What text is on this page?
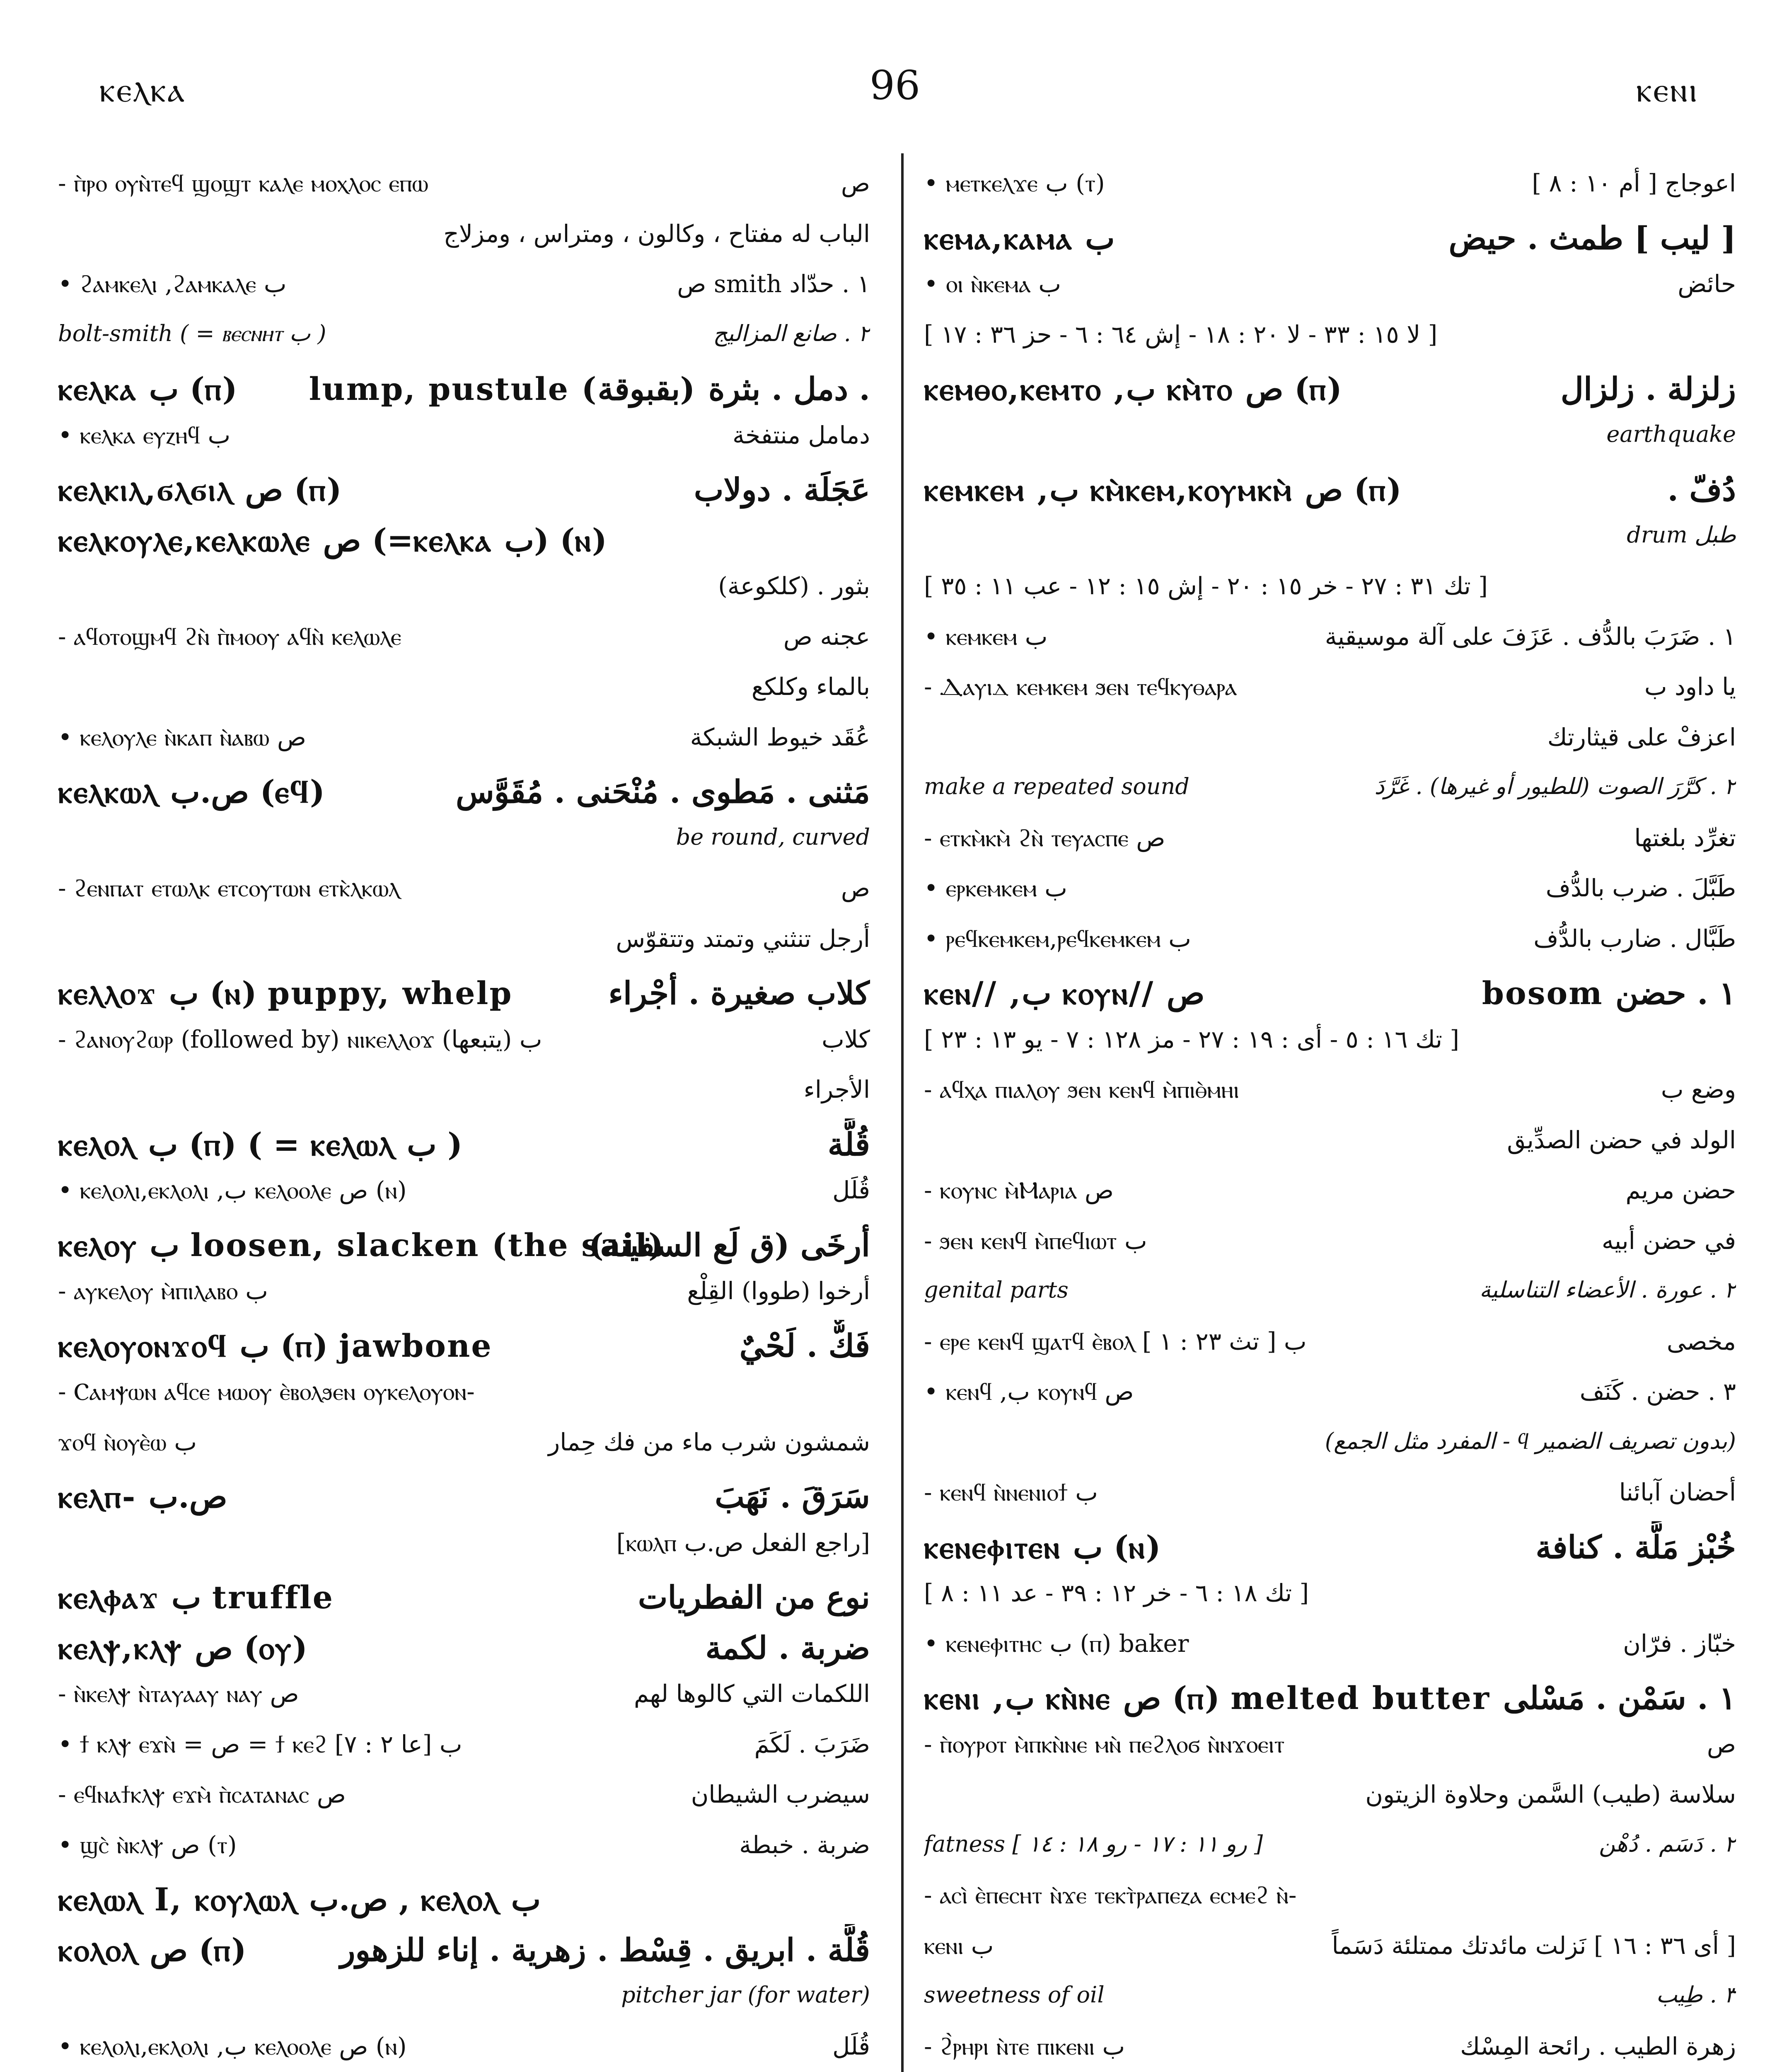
ⲕⲉⲗⲕⲁ	96	ⲕⲉⲛⲓ
- ⲡ̀ⲣⲟ ⲟⲩⲛ̀ⲧⲉϥ ϣⲟϣⲧ ⲕⲁⲗⲉ ⲙⲟⲭⲗⲟⲥ ⲉⲡⲱ	ص
الباب له مفتاح ، وكالون ، ومتراس ، ومزلاج
• ϩⲁⲙⲕⲉⲗⲓ ,ϩⲁⲙⲕⲁⲗⲉ ب	١ . حدّاد smith ص
bolt-smith ( = ⲃⲉⲥⲛⲏⲧ ب )	٢ . صانع المزاليج
ⲕⲉⲗⲕⲁ ب (ⲡ) lump, pustule (بقبوقة) دمل . بثرة .
• ⲕⲉⲗⲕⲁ ⲉⲩⲍⲏϥ ب	دمامل منتفخة
ⲕⲉⲗⲕⲓⲗ,ϭⲗϭⲓⲗ ص (ⲡ)	عَجَلَة . دولاب
ⲕⲉⲗⲕⲟⲩⲗⲉ,ⲕⲉⲗⲕⲱⲗⲉ ص (=ⲕⲉⲗⲕⲁ ب) (ⲛ)
بثور . (كلكوعة)
- ⲁϥⲟⲧⲟϣⲙϥ ϩⲛ̀ ⲡ̀ⲙⲟⲟⲩ ⲁϥⲛ̀ ⲕⲉⲗⲱⲗⲉ	عجنه ص
بالماء وكلكع
• ⲕⲉⲗⲟⲩⲗⲉ ⲛ̀ⲕⲁⲡ ⲛ̀ⲁⲃⲱ ص	عُقَد خيوط الشبكة
ⲕⲉⲗⲕⲱⲗ ص.ب (ⲉϥ)	مَثنى . مَطوى . مُنْحَنى . مُقَوَّس
be round, curved
- ϩⲉⲛⲡⲁⲧ ⲉⲧⲱⲗⲕ ⲉⲧⲥⲟⲩⲧⲱⲛ ⲉⲧⲕ̀ⲗⲕⲱⲗ	ص
أرجل تنثني وتمتد وتتقوّس
ⲕⲉⲗⲗⲟϫ ب (ⲛ) puppy, whelp	كلاب صغيرة . أجْراء
- ϩⲁⲛⲟⲩϩⲱⲣ (followed by) ⲛⲓⲕⲉⲗⲗⲟϫ ب (يتبعها)	كلاب
الأجراء
ⲕⲉⲗⲟⲗ ب (ⲡ) ( = ⲕⲉⲗⲱⲗ ب )	قُلَّة
• ⲕⲉⲗⲟⲗⲓ,ⲉⲕⲗⲟⲗⲓ ,ب ⲕⲉⲗⲟⲟⲗⲉ ص (ⲛ)	قُلَل
ⲕⲉⲗⲟⲩ ب loosen, slacken (the sail)
أرخَى (ق لَع السفينة)
- ⲁⲩⲕⲉⲗⲟⲩ ⲙ̀ⲡⲓⲗⲁⲃⲟ ب	أرخوا (طووا) القِلْع
ⲕⲉⲗⲟⲩⲟⲛϫⲟϥ ب (ⲡ) jawbone	فَكٌّ . لَحْيٌ
- Ⲥⲁⲙⲯⲱⲛ ⲁϥⲥⲉ ⲙⲱⲟⲩ ⲉ̀ⲃⲟⲗϧⲉⲛ ⲟⲩⲕⲉⲗⲟⲩⲟⲛ-
ϫⲟϥ ⲛ̀ⲟⲩⲉ̀ⲱ ب	شمشون شرب ماء من فك حِمار
ⲕⲉⲗⲡ- ص.ب	سَرَقَ . نَهَبَ
[راجع الفعل ص.ب ⲕⲱⲗⲡ]
ⲕⲉⲗⲫⲁϫ ب truffle	نوع من الفطريات
ⲕⲉⲗⲯ,ⲕⲗⲯ ص (ⲟⲩ)	ضربة . لكمة
- ⲛ̀ⲕⲉⲗⲯ ⲛ̀ⲧⲁⲩⲁⲁⲩ ⲛⲁⲩ ص	اللكمات التي كالوها لهم
• ϯ ⲕⲗⲯ ⲉϫⲛ̀ = ص = ϯ ⲕⲉϩ ب [عا ٢ : ٧]	ضَرَبَ . لَكَمَ
- ⲉϥⲛⲁϯⲕⲗⲯ ⲉϫⲙ̀ ⲡ̀ⲥⲁⲧⲁⲛⲁⲥ ص	سيضرب الشيطان
• ϣⲥ̀ ⲛ̀ⲕⲗⲯ ص (ⲧ)	ضربة . خبطة
ⲕⲉⲗⲱⲗ I, ⲕⲟⲩⲗⲱⲗ ص.ب , ⲕⲉⲗⲟⲗ ب
ⲕⲟⲗⲟⲗ ص (ⲡ)	قُلَّة . ابريق . قِسْط . زهرية . إناء للزهور
pitcher jar (for water)
• ⲕⲉⲗⲟⲗⲓ,ⲉⲕⲗⲟⲗⲓ ,ب ⲕⲉⲗⲟⲟⲗⲉ ص (ⲛ)	قُلَل
• ⲙⲉⲧⲕⲉⲗϫⲉ ب (ⲧ)	اعوجاج [ أم ١٠ : ٨ ]
ⲕⲉⲙⲁ,ⲕⲁⲙⲁ ب	[ ليب ] طمث . حيض
• ⲟⲓ ⲛ̀ⲕⲉⲙⲁ ب	حائض
[ لا ١٥ : ٣٣ - لا ٢٠ : ١٨ - إش ٦٤ : ٦ - حز ٣٦ : ١٧ ]
ⲕⲉⲙⲑⲟ,ⲕⲉⲙⲧⲟ ,ب ⲕⲙ̀ⲧⲟ ص (ⲡ)	زلزلة . زلزال
earthquake
ⲕⲉⲙⲕⲉⲙ ,ب ⲕⲙ̀ⲕⲉⲙ,ⲕⲟⲩⲙⲕⲙ̀ ص (ⲡ)	دُفّ .
drum طبل
[ تك ٣١ : ٢٧ - خر ١٥ : ٢٠ - إش ١٥ : ١٢ - عب ١١ : ٣٥ ]
• ⲕⲉⲙⲕⲉⲙ ب	١ . ضَرَبَ بالدُّف . عَزَفَ على آلة موسيقية
- Ⲇⲁⲩⲓⲇ ⲕⲉⲙⲕⲉⲙ ϧⲉⲛ ⲧⲉϥⲕⲩⲑⲁⲣⲁ	يا داود ب
اعزفْ على قيثارتك
make a repeated sound	٢ . كرَّرَ الصوت (للطيور أو غيرها) . غَرَّدَ
- ⲉⲧⲕⲙ̀ⲕⲙ̀ ϩⲛ̀ ⲧⲉⲩⲁⲥⲡⲉ ص	تغرِّد بلغتها
• ⲉⲣⲕⲉⲙⲕⲉⲙ ب	طَبَّلَ . ضرب بالدُّف
• ⲣⲉϥⲕⲉⲙⲕⲉⲙ,ⲣⲉϥⲕⲉⲙⲕⲉⲙ ب	طَبَّال . ضارب بالدُّف
ⲕⲉⲛ// ,ب ⲕⲟⲩⲛ// ص	bosom ١ . حضن
[ تك ١٦ : ٥ - أى : ١٩ : ٢٧ - مز ١٢٨ : ٧ - يو ١٣ : ٢٣ ]
- ⲁϥⲭⲁ ⲡⲓⲁⲗⲟⲩ ϧⲉⲛ ⲕⲉⲛϥ ⲙ̀ⲡⲓⲑ̀ⲙⲏⲓ	وضع ب
الولد في حضن الصدِّيق
- ⲕⲟⲩⲛⲥ ⲙ̀Ⲙⲁⲣⲓⲁ ص	حضن مريم
- ϧⲉⲛ ⲕⲉⲛϥ ⲙ̀ⲡⲉϥⲓⲱⲧ ب	في حضن أبيه
genital parts	٢ . عورة . الأعضاء التناسلية
- ⲉⲣⲉ ⲕⲉⲛϥ ϣⲁⲧϥ ⲉ̀ⲃⲟⲗ ب [ تث ٢٣ : ١ ]	مخصى
• ⲕⲉⲛϥ ,ب ⲕⲟⲩⲛϥ ص	٣ . حضن . كَنَف
(بدون تصريف الضمير ϥ - المفرد مثل الجمع)
- ⲕⲉⲛϥ ⲛ̀ⲛⲉⲛⲓⲟϯ ب	أحضان آبائنا
ⲕⲉⲛⲉⲫⲓⲧⲉⲛ ب (ⲛ)	خُبْز مَلَّة . كنافة
[ تك ١٨ : ٦ - خر ١٢ : ٣٩ - عد ١١ : ٨ ]
• ⲕⲉⲛⲉⲫⲓⲧⲏⲥ ب (ⲡ) baker	خبّاز . فرّان
ⲕⲉⲛⲓ ,ب ⲕⲛ̀ⲛⲉ ص (ⲡ) melted butter ١ . سَمْن . مَسْلى
- ⲡ̀ⲟⲩⲣⲟⲧ ⲙ̀ⲡⲕⲛ̀ⲛⲉ ⲙⲛ̀ ⲡⲉϩⲗⲟϭ ⲛ̀ⲛϫⲟⲉⲓⲧ	ص
سلاسة (طيب) السَّمن وحلاوة الزيتون
fatness [ رو ١١ : ١٧ - رو ١٨ : ١٤ ]	٢ . دَسَم . دُهْن
- ⲁⲥⲓ̀ ⲉ̀ⲡⲉⲥⲏⲧ ⲛ̀ϫⲉ ⲧⲉⲕⲧ̀ⲣⲁⲡⲉⲍⲁ ⲉⲥⲙⲉϩ ⲛ̀-
ⲕⲉⲛⲓ ب	[ أى ٣٦ : ١٦ ] نَزلت مائدتك ممتلئة دَسَماً
sweetness of oil	٣ . طِيب
- ϩ̀ⲣⲏⲣⲓ ⲛ̀ⲧⲉ ⲡⲓⲕⲉⲛⲓ ب	زهرة الطيب . رائحة المِسْك
